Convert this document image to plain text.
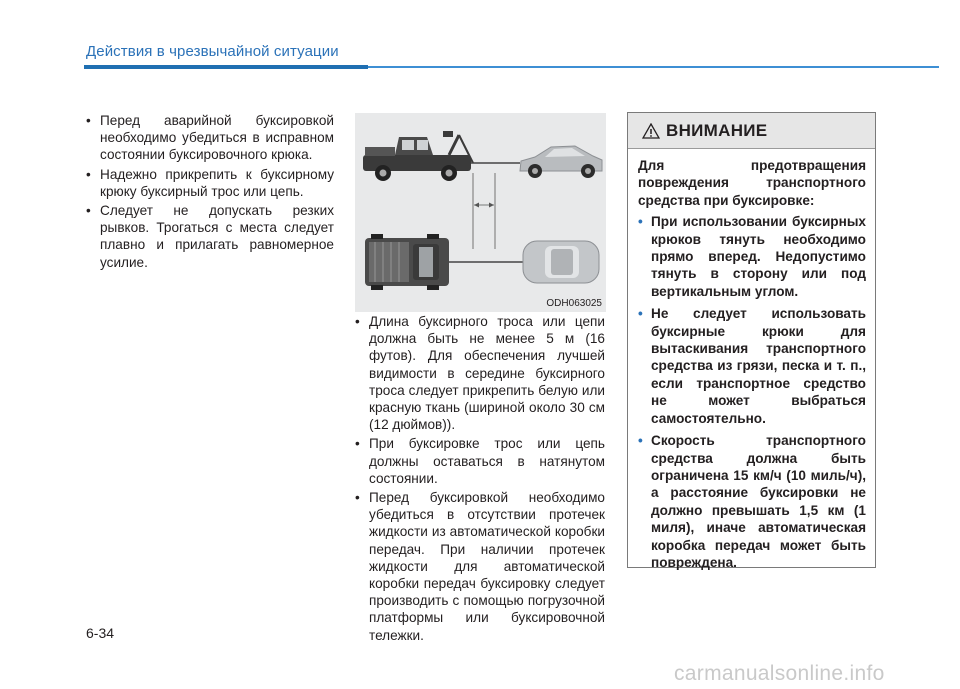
Действия в чрезвычайной ситуации
• Перед аварийной буксировкой необходимо убедиться в исправном состоянии буксировочного крюка.
• Надежно прикрепить к буксирному крюку буксирный трос или цепь.
• Следует не допускать резких рывков. Трогаться с места следует плавно и прилагать равномерное усилие.
ODH063025
• Длина буксирного троса или цепи должна быть не менее 5 м (16 футов). Для обеспечения лучшей видимости в середине буксирного троса следует прикрепить белую или красную ткань (шириной около 30 см (12 дюймов)).
• При буксировке трос или цепь должны оставаться в натянутом состоянии.
• Перед буксировкой необходимо убедиться в отсутствии протечек жидкости из автоматической коробки передач. При наличии протечек жидкости для автоматической коробки передач буксировку следует производить с помощью погрузочной платформы или буксировочной тележки.
ВНИМАНИЕ

Для предотвращения повреждения транспортного средства при буксировке:

• При использовании буксирных крюков тянуть необходимо прямо вперед. Недопустимо тянуть в сторону или под вертикальным углом.
• Не следует использовать буксирные крюки для вытаскивания транспортного средства из грязи, песка и т. п., если транспортное средство не может выбраться самостоятельно.
• Скорость транспортного средства должна быть ограничена 15 км/ч (10 миль/ч), а расстояние буксировки не должно превышать 1,5 км (1 миля), иначе автоматическая коробка передач может быть повреждена.
6-34
carmanualsonline.info
